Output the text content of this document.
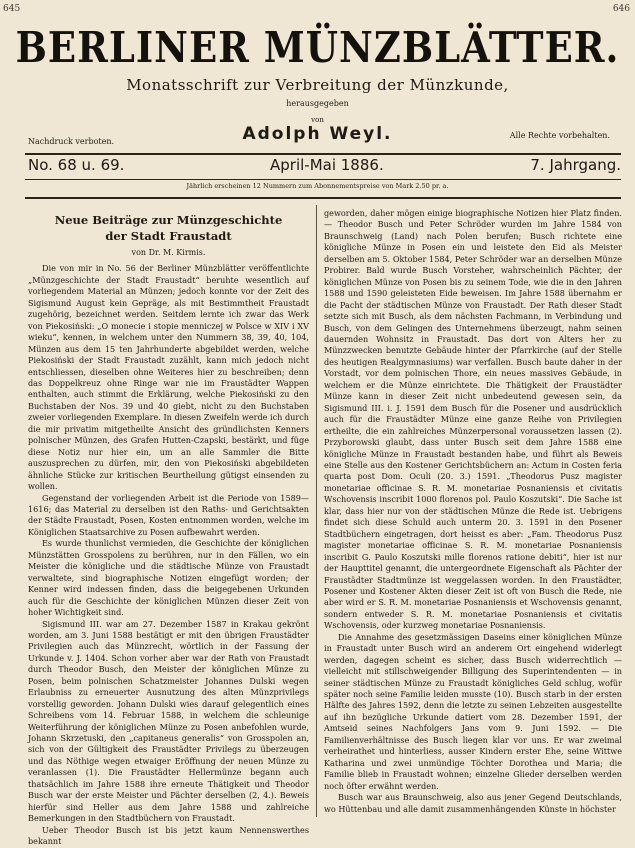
645	646
BERLINER MÜNZBLÄTTER.
Monatsschrift zur Verbreitung der Münzkunde,
herausgegeben
von
Adolph Weyl.
Nachdruck verboten.
Alle Rechte vorbehalten.
No. 68 u. 69.	April-Mai 1886.	7. Jahrgang.
Jährlich erscheinen 12 Nummern zum Abonnementspreise von Mark 2.50 pr. a.
Neue Beiträge zur Münzgeschichte
der Stadt Fraustadt
von Dr. M. Kirmis.

Die von mir in No. 56 der Berliner Münzblätter veröffentlichte „Münzgeschichte der Stadt Fraustadt“ beruhte wesentlich auf vorliegendem Material an Münzen; jedoch konnte vor der Zeit des Sigismund August kein Gepräge, als mit Bestimmtheit Fraustadt zugehörig, bezeichnet werden. Seitdem lernte ich zwar das Werk von Piekosiński: „O monecie i stopie menniczej w Polsce w XIV i XV wieku“, kennen, in welchem unter den Nummern 38, 39, 40, 104, Münzen aus dem 15 ten Jahrhunderte abgebildet werden, welche Piekosiński der Stadt Fraustadt zuzählt, kann mich jedoch nicht entschliessen, dieselben ohne Weiteres hier zu beschreiben; denn das Doppelkreuz ohne Ringe war nie im Fraustädter Wappen enthalten, auch stimmt die Erklärung, welche Piekosiński zu den Buchstaben der Nos. 39 und 40 giebt, nicht zu den Buchstaben zweier vorliegenden Exemplare. In diesen Zweifeln werde ich durch die mir privatim mitgetheilte Ansicht des gründlichsten Kenners polnischer Münzen, des Grafen Hutten-Czapski, bestärkt, und füge diese Notiz nur hier ein, um an alle Sammler die Bitte auszusprechen zu dürfen, mir, den von Piekosiński abgebildeten ähnliche Stücke zur kritischen Beurtheilung gütigst einsenden zu wollen.

Gegenstand der vorliegenden Arbeit ist die Periode von 1589—1616; das Material zu derselben ist den Raths- und Gerichtsakten der Städte Fraustadt, Posen, Kosten entnommen worden, welche im Königlichen Staatsarchive zu Posen aufbewahrt werden.

Es wurde thunlichst vermieden, die Geschichte der königlichen Münzstätten Grosspolens zu berühren, nur in den Fällen, wo ein Meister die königliche und die städtische Münze von Fraustadt verwaltete, sind biographische Notizen eingefügt worden; der Kenner wird indessen finden, dass die beigegebenen Urkunden auch für die Geschichte der königlichen Münzen dieser Zeit von hoher Wichtigkeit sind.

Sigismund III. war am 27. Dezember 1587 in Krakau gekrönt worden, am 3. Juni 1588 bestätigt er mit den übrigen Fraustädter Privilegien auch das Münzrecht, wörtlich in der Fassung der Urkunde v. J. 1404. Schon vorher aber war der Rath von Fraustadt durch Theodor Busch, den Meister der königlichen Münze zu Posen, beim polnischen Schatzmeister Johannes Dulski wegen Erlaubniss zu erneuerter Ausnutzung des alten Münzprivilegs vorstellig geworden. Johann Dulski wies darauf gelegentlich eines Schreibens vom 14. Februar 1588, in welchem die schleunige Weiterführung der königlichen Münze zu Posen anbefohlen wurde, Johann Skrzetuski, den „capitaneus generalis“ von Grosspolen an, sich von der Gültigkeit des Fraustädter Privilegs zu überzeugen und das Nöthige wegen etwaiger Eröffnung der neuen Münze zu veranlassen (1). Die Fraustädter Hellermünze begann auch thatsächlich im Jahre 1588 ihre erneute Thätigkeit und Theodor Busch war der erste Meister und Pächter derselben (2, 4.). Beweis hierfür sind Heller aus dem Jahre 1588 und zahlreiche Bemerkungen in den Stadtbüchern von Fraustadt.

Ueber Theodor Busch ist bis jetzt kaum Nennenswerthes bekannt

geworden, daher mögen einige biographische Notizen hier Platz finden. — Theodor Busch und Peter Schröder wurden im Jahre 1584 von Braunschweig (Land) nach Polen berufen; Busch richtete eine königliche Münze in Posen ein und leistete den Eid als Meister derselben am 5. Oktober 1584, Peter Schröder war an derselben Münze Probirer. Bald wurde Busch Vorsteher, wahrscheinlich Pächter, der königlichen Münze von Posen bis zu seinem Tode, wie die in den Jahren 1588 und 1590 geleisteten Eide beweisen. Im Jahre 1588 übernahm er die Pacht der städtischen Münze von Fraustadt. Der Rath dieser Stadt setzte sich mit Busch, als dem nächsten Fachmann, in Verbindung und Busch, von dem Gelingen des Unternehmens überzeugt, nahm seinen dauernden Wohnsitz in Fraustadt. Das dort von Alters her zu Münzzwecken benutzte Gebäude hinter der Pfarrkirche (auf der Stelle des heutigen Realgymnasiums) war verfallen. Busch baute daher in der Vorstadt, vor dem polnischen Thore, ein neues massives Gebäude, in welchem er die Münze einrichtete. Die Thätigkeit der Fraustädter Münze kann in dieser Zeit nicht unbedeutend gewesen sein, da Sigismund III. i. J. 1591 dem Busch für die Posener und ausdrücklich auch für die Fraustädter Münze eine ganze Reihe von Privilegien ertheilte, die ein zahlreiches Münzerpersonal voraussetzen lassen (2). Przyborowski glaubt, dass unter Busch seit dem Jahre 1588 eine königliche Münze in Fraustadt bestanden habe, und führt als Beweis eine Stelle aus den Kostener Gerichtsbüchern an: Actum in Costen feria quarta post Dom. Oculi (20. 3.) 1591. „Theodorus Pusz magister monetariae officinae S. R. M. monetariae Posnaniensis et civitatis Wschovensis inscribit 1000 florenos pol. Paulo Koszutski“. Die Sache ist klar, dass hier nur von der städtischen Münze die Rede ist. Uebrigens findet sich diese Schuld auch unterm 20. 3. 1591 in den Posener Stadtbüchern eingetragen, dort heisst es aber: „Fam. Theodorus Pusz magister monetariae officinae S. R. M. monetariae Posnaniensis inscribit G. Paulo Koszutski mille florenos ratione debiti“, hier ist nur der Haupttitel genannt, die untergeordnete Eigenschaft als Pächter der Fraustädter Stadtmünze ist weggelassen worden. In den Fraustädter, Posener und Kostener Akten dieser Zeit ist oft von Busch die Rede, nie aber wird er S. R. M. monetariae Posnaniensis et Wschovensis genannt, sondern entweder S. R. M. monetariae Posnaniensis et civitatis Wschovensis, oder kurzweg monetariae Posnaniensis.

Die Annahme des gesetzmässigen Daseins einer königlichen Münze in Fraustadt unter Busch wird an anderem Ort eingehend widerlegt werden, dagegen scheint es sicher, dass Busch widerrechtlich — vielleicht mit stillschweigender Billigung des Superintendenten — in seiner städtischen Münze zu Fraustadt königliches Geld schlug, wofür später noch seine Familie leiden musste (10). Busch starb in der ersten Hälfte des Jahres 1592, denn die letzte zu seinen Lebzeiten ausgestellte auf ihn bezügliche Urkunde datiert vom 28. Dezember 1591, der Amtseid seines Nachfolgers Jans vom 9. Juni 1592. — Die Familienverhältnisse des Busch liegen klar vor uns. Er war zweimal verheirathet und hinterliess, ausser Kindern erster Ehe, seine Wittwe Katharina und zwei unmündige Töchter Dorothea und Maria; die Familie blieb in Fraustadt wohnen; einzelne Glieder derselben werden noch öfter erwähnt werden.

Busch war aus Braunschweig, also aus jener Gegend Deutschlands, wo Hüttenbau und alle damit zusammenhängenden Künste in höchster
